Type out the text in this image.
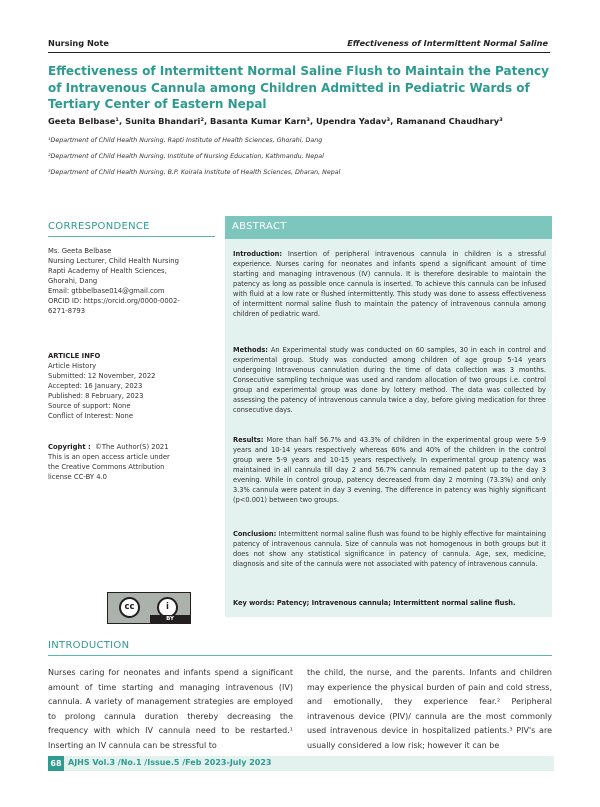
Nursing Note	Effectiveness of Intermittent Normal Saline
Effectiveness of Intermittent Normal Saline Flush to Maintain the Patency of Intravenous Cannula among Children Admitted in Pediatric Wards of Tertiary Center of Eastern Nepal
Geeta Belbase¹, Sunita Bhandari², Basanta Kumar Karn³, Upendra Yadav³, Ramanand Chaudhary³
¹Department of Child Health Nursing, Rapti Institute of Health Sciences, Ghorahi, Dang
²Department of Child Health Nursing, Institute of Nursing Education, Kathmandu, Nepal
³Department of Child Health Nursing, B.P. Koirala Institute of Health Sciences, Dharan, Nepal
CORRESPONDENCE
Ms. Geeta Belbase
Nursing Lecturer, Child Health Nursing
Rapti Academy of Health Sciences,
Ghorahi, Dang
Email: gtbbelbase014@gmail.com
ORCID ID: https://orcid.org/0000-0002-
6271-8793
ARTICLE INFO
Article History
Submitted: 12 November, 2022
Accepted: 16 January, 2023
Published: 8 February, 2023
Source of support: None
Conflict of Interest: None
Copyright : ©The Author(S) 2021
This is an open access article under
the Creative Commons Attribution
license CC-BY 4.0
cc	i
BY
ABSTRACT
Introduction: Insertion of peripheral intravenous cannula in children is a stressful experience. Nurses caring for neonates and infants spend a significant amount of time starting and managing intravenous (IV) cannula. It is therefore desirable to maintain the patency as long as possible once cannula is inserted. To achieve this cannula can be infused with fluid at a low rate or flushed intermittently. This study was done to assess effectiveness of intermittent normal saline flush to maintain the patency of intravenous cannula among children of pediatric ward.
Methods: An Experimental study was conducted on 60 samples, 30 in each in control and experimental group. Study was conducted among children of age group 5-14 years undergoing Intravenous cannulation during the time of data collection was 3 months. Consecutive sampling technique was used and random allocation of two groups i.e. control group and experimental group was done by lottery method. The data was collected by assessing the patency of intravenous cannula twice a day, before giving medication for three consecutive days.
Results: More than half 56.7% and 43.3% of children in the experimental group were 5-9 years and 10-14 years respectively whereas 60% and 40% of the children in the control group were 5-9 years and 10-15 years respectively. In experimental group patency was maintained in all cannula till day 2 and 56.7% cannula remained patent up to the day 3 evening. While in control group, patency decreased from day 2 morning (73.3%) and only 3.3% cannula were patent in day 3 evening. The difference in patency was highly significant (p<0.001) between two groups.
Conclusion: Intermittent normal saline flush was found to be highly effective for maintaining patency of intravenous cannula. Size of cannula was not homogenous in both groups but it does not show any statistical significance in patency of cannula. Age, sex, medicine, diagnosis and site of the cannula were not associated with patency of intravenous cannula.
Key words: Patency; Intravenous cannula; Intermittent normal saline flush.
INTRODUCTION
Nurses caring for neonates and infants spend a significant amount of time starting and managing intravenous (IV) cannula. A variety of management strategies are employed to prolong cannula duration thereby decreasing the frequency with which IV cannula need to be restarted.¹ Inserting an IV cannula can be stressful to
the child, the nurse, and the parents. Infants and children may experience the physical burden of pain and cold stress, and emotionally, they experience fear.² Peripheral intravenous device (PIV)/ cannula are the most commonly used intravenous device in hospitalized patients.³ PIV's are usually considered a low risk; however it can be
68 AJHS Vol.3 /No.1 /Issue.5 /Feb 2023-July 2023
